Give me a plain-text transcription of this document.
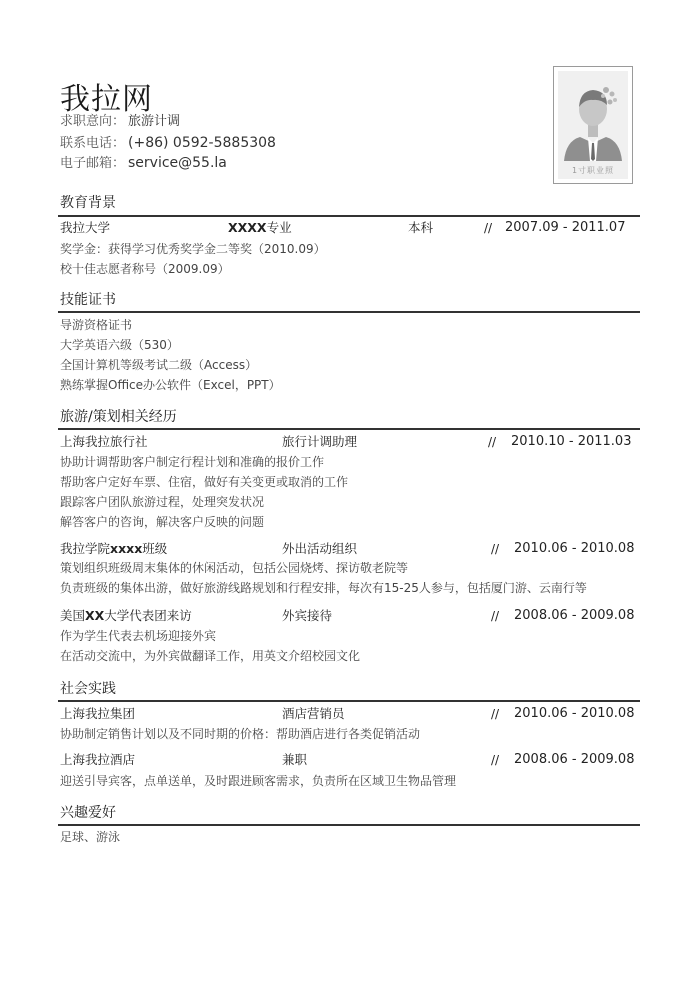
我拉网
求职意向： 旅游计调
联系电话： (+86) 0592-5885308
电子邮箱： service@55.la	1寸职业照
教育背景
我拉大学	XXXX专业	本科	// 2007.09 - 2011.07
奖学金：获得学习优秀奖学金二等奖（2010.09）
校十佳志愿者称号（2009.09）
技能证书
导游资格证书
大学英语六级（530）
全国计算机等级考试二级（Access）
熟练掌握Office办公软件（Excel，PPT）
旅游/策划相关经历
上海我拉旅行社	旅行计调助理	// 2010.10 - 2011.03
协助计调帮助客户制定行程计划和准确的报价工作
帮助客户定好车票、住宿，做好有关变更或取消的工作
跟踪客户团队旅游过程，处理突发状况
解答客户的咨询，解决客户反映的问题
我拉学院xxxx班级	外出活动组织	// 2010.06 - 2010.08
策划组织班级周末集体的休闲活动，包括公园烧烤、探访敬老院等
负责班级的集体出游，做好旅游线路规划和行程安排，每次有15-25人参与，包括厦门游、云南行等
美国XX大学代表团来访	外宾接待	// 2008.06 - 2009.08
作为学生代表去机场迎接外宾
在活动交流中，为外宾做翻译工作，用英文介绍校园文化
社会实践
上海我拉集团	酒店营销员	// 2010.06 - 2010.08
协助制定销售计划以及不同时期的价格：帮助酒店进行各类促销活动
上海我拉酒店	兼职	// 2008.06 - 2009.08
迎送引导宾客，点单送单，及时跟进顾客需求，负责所在区域卫生物品管理
兴趣爱好
足球、游泳
